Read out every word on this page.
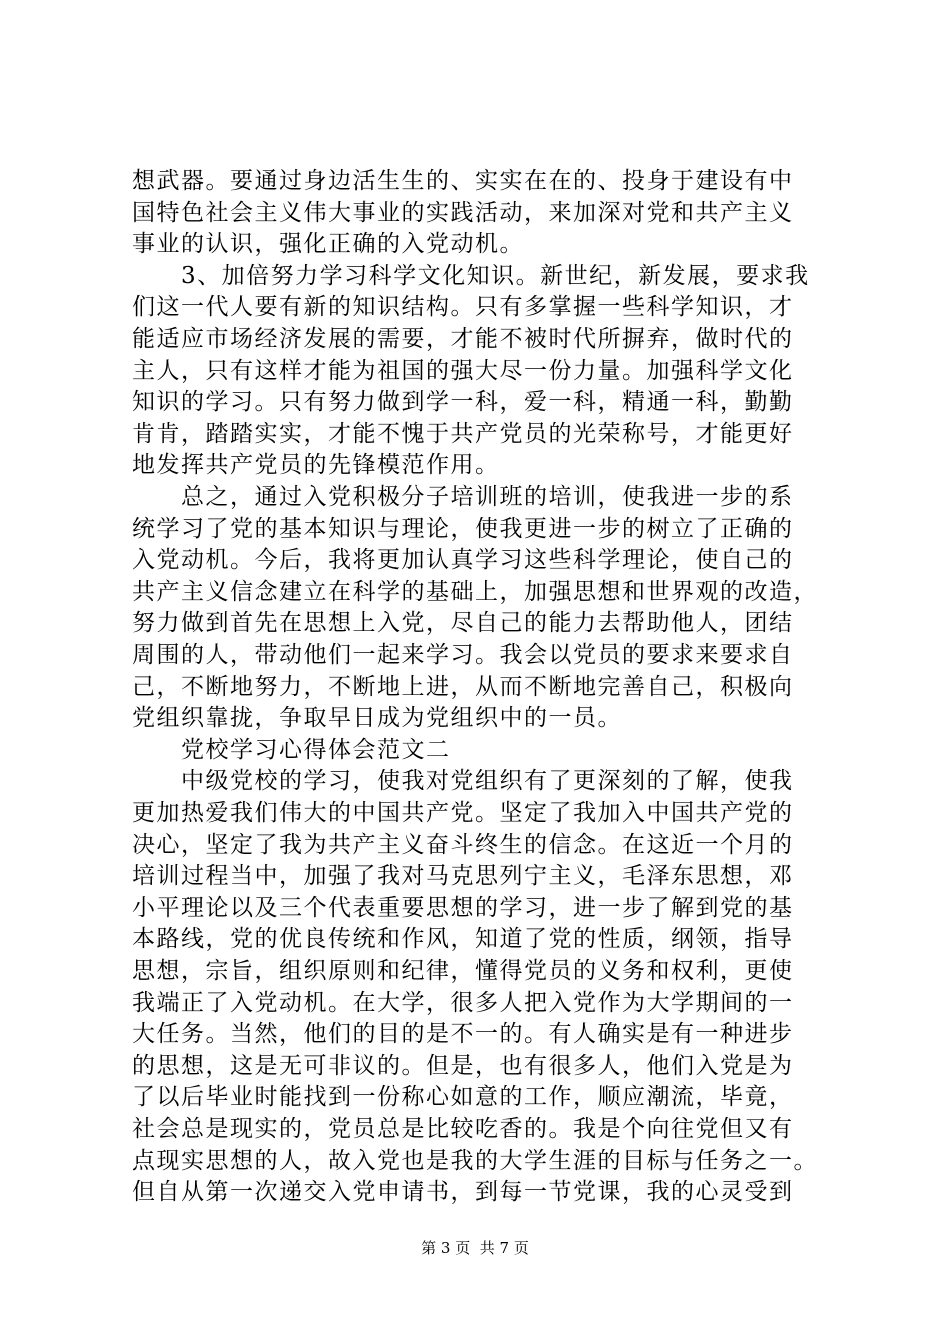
想武器。要通过身边活生生的、实实在在的、投身于建设有中
国特色社会主义伟大事业的实践活动，来加深对党和共产主义
事业的认识，强化正确的入党动机。
　　3、加倍努力学习科学文化知识。新世纪，新发展，要求我
们这一代人要有新的知识结构。只有多掌握一些科学知识，才
能适应市场经济发展的需要，才能不被时代所摒弃，做时代的
主人，只有这样才能为祖国的强大尽一份力量。加强科学文化
知识的学习。只有努力做到学一科，爱一科，精通一科，勤勤
肯肯，踏踏实实，才能不愧于共产党员的光荣称号，才能更好
地发挥共产党员的先锋模范作用。
　　总之，通过入党积极分子培训班的培训，使我进一步的系
统学习了党的基本知识与理论，使我更进一步的树立了正确的
入党动机。今后，我将更加认真学习这些科学理论，使自己的
共产主义信念建立在科学的基础上，加强思想和世界观的改造，
努力做到首先在思想上入党，尽自己的能力去帮助他人，团结
周围的人，带动他们一起来学习。我会以党员的要求来要求自
己，不断地努力，不断地上进，从而不断地完善自己，积极向
党组织靠拢，争取早日成为党组织中的一员。
　　党校学习心得体会范文二
　　中级党校的学习，使我对党组织有了更深刻的了解，使我
更加热爱我们伟大的中国共产党。坚定了我加入中国共产党的
决心，坚定了我为共产主义奋斗终生的信念。在这近一个月的
培训过程当中，加强了我对马克思列宁主义，毛泽东思想，邓
小平理论以及三个代表重要思想的学习，进一步了解到党的基
本路线，党的优良传统和作风，知道了党的性质，纲领，指导
思想，宗旨，组织原则和纪律，懂得党员的义务和权利，更使
我端正了入党动机。在大学，很多人把入党作为大学期间的一
大任务。当然，他们的目的是不一的。有人确实是有一种进步
的思想，这是无可非议的。但是，也有很多人，他们入党是为
了以后毕业时能找到一份称心如意的工作，顺应潮流，毕竟，
社会总是现实的，党员总是比较吃香的。我是个向往党但又有
点现实思想的人，故入党也是我的大学生涯的目标与任务之一。
但自从第一次递交入党申请书，到每一节党课，我的心灵受到
第 3 页  共 7 页
